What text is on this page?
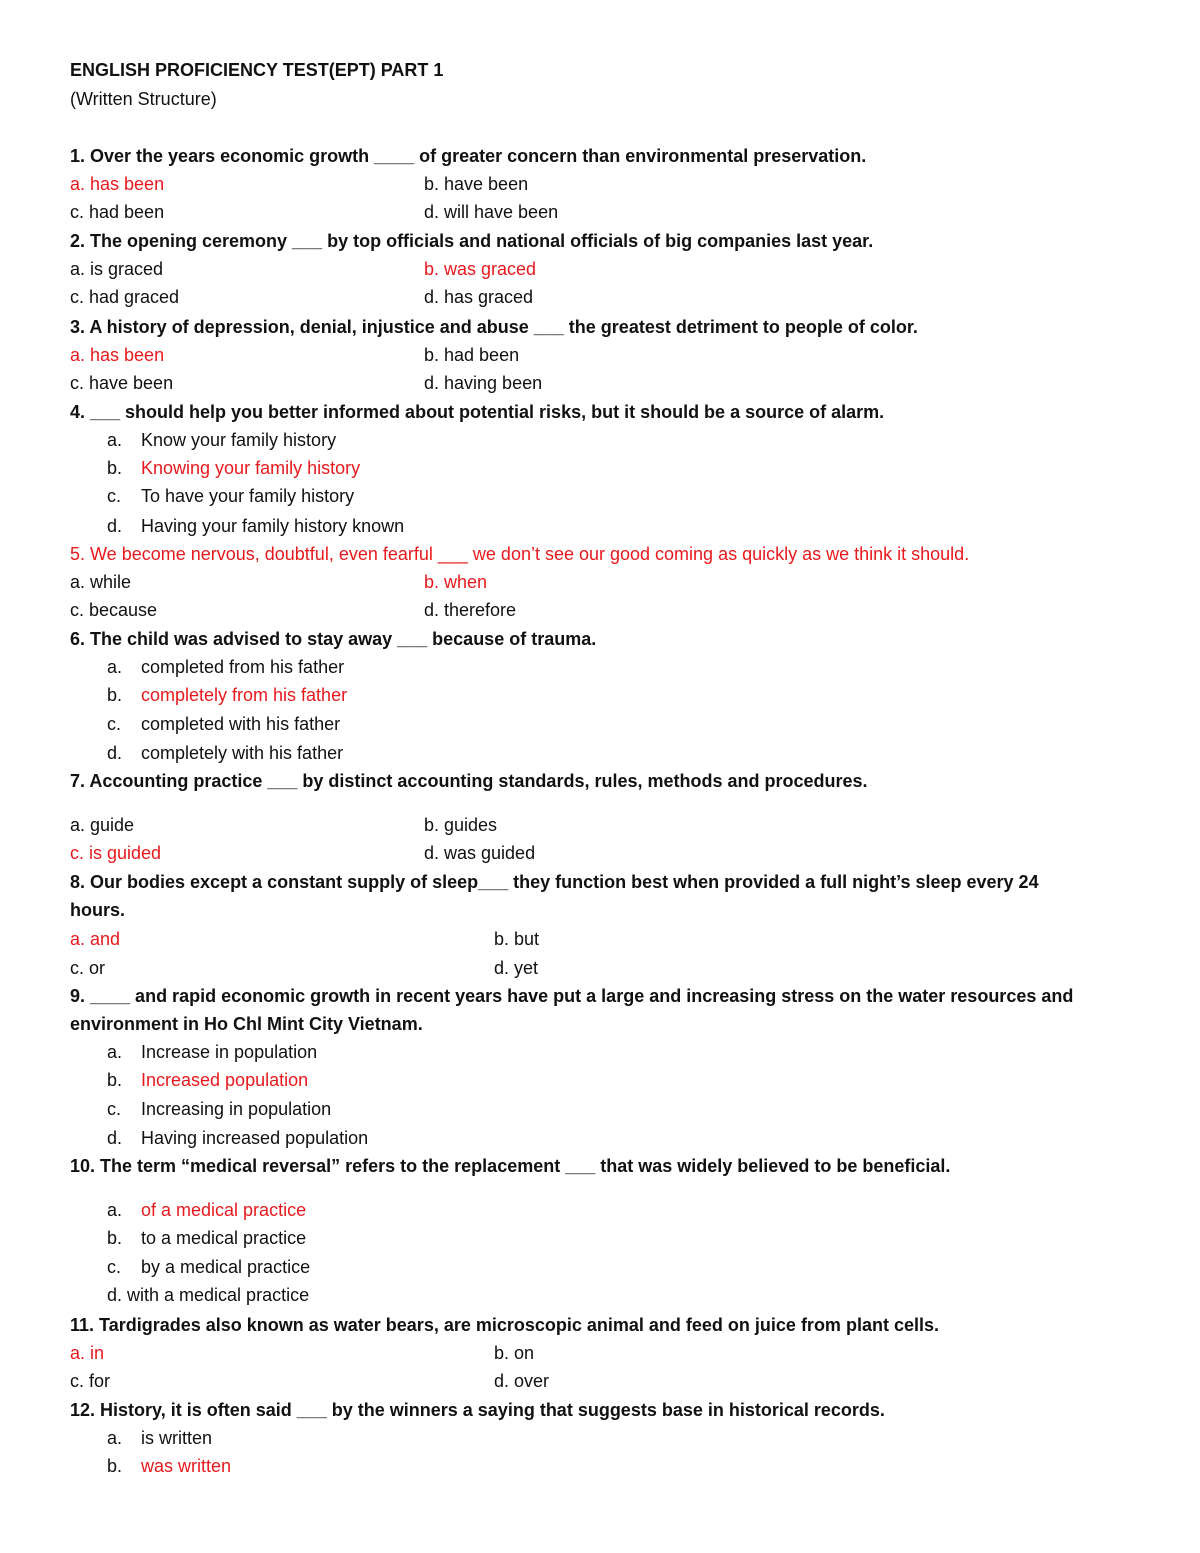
ENGLISH PROFICIENCY TEST(EPT) PART 1
(Written Structure)
1. Over the years economic growth ____ of greater concern than environmental preservation.
a. has been	b. have been
c. had been	d. will have been
2. The opening ceremony ___ by top officials and national officials of big companies last year.
a. is graced	b. was graced
c. had graced	d. has graced
3. A history of depression, denial, injustice and abuse ___ the greatest detriment to people of color.
a. has been	b. had been
c. have been	d. having been
4. ___ should help you better informed about potential risks, but it should be a source of alarm.
a. Know your family history
b. Knowing your family history
c. To have your family history
d. Having your family history known
5. We become nervous, doubtful, even fearful ___ we don’t see our good coming as quickly as we think it should.
a. while	b. when
c. because	d. therefore
6. The child was advised to stay away ___ because of trauma.
a. completed from his father
b. completely from his father
c. completed with his father
d. completely with his father
7. Accounting practice ___ by distinct accounting standards, rules, methods and procedures.
a. guide	b. guides
c. is guided	d. was guided
8. Our bodies except a constant supply of sleep___ they function best when provided a full night’s sleep every 24
hours.
a. and	b. but
c. or	d. yet
9. ____ and rapid economic growth in recent years have put a large and increasing stress on the water resources and
environment in Ho Chl Mint City Vietnam.
a. Increase in population
b. Increased population
c. Increasing in population
d. Having increased population
10. The term “medical reversal” refers to the replacement ___ that was widely believed to be beneficial.
a. of a medical practice
b. to a medical practice
c. by a medical practice
d. with a medical practice
11. Tardigrades also known as water bears, are microscopic animal and feed on juice from plant cells.
a. in	b. on
c. for	d. over
12. History, it is often said ___ by the winners a saying that suggests base in historical records.
a. is written
b. was written
